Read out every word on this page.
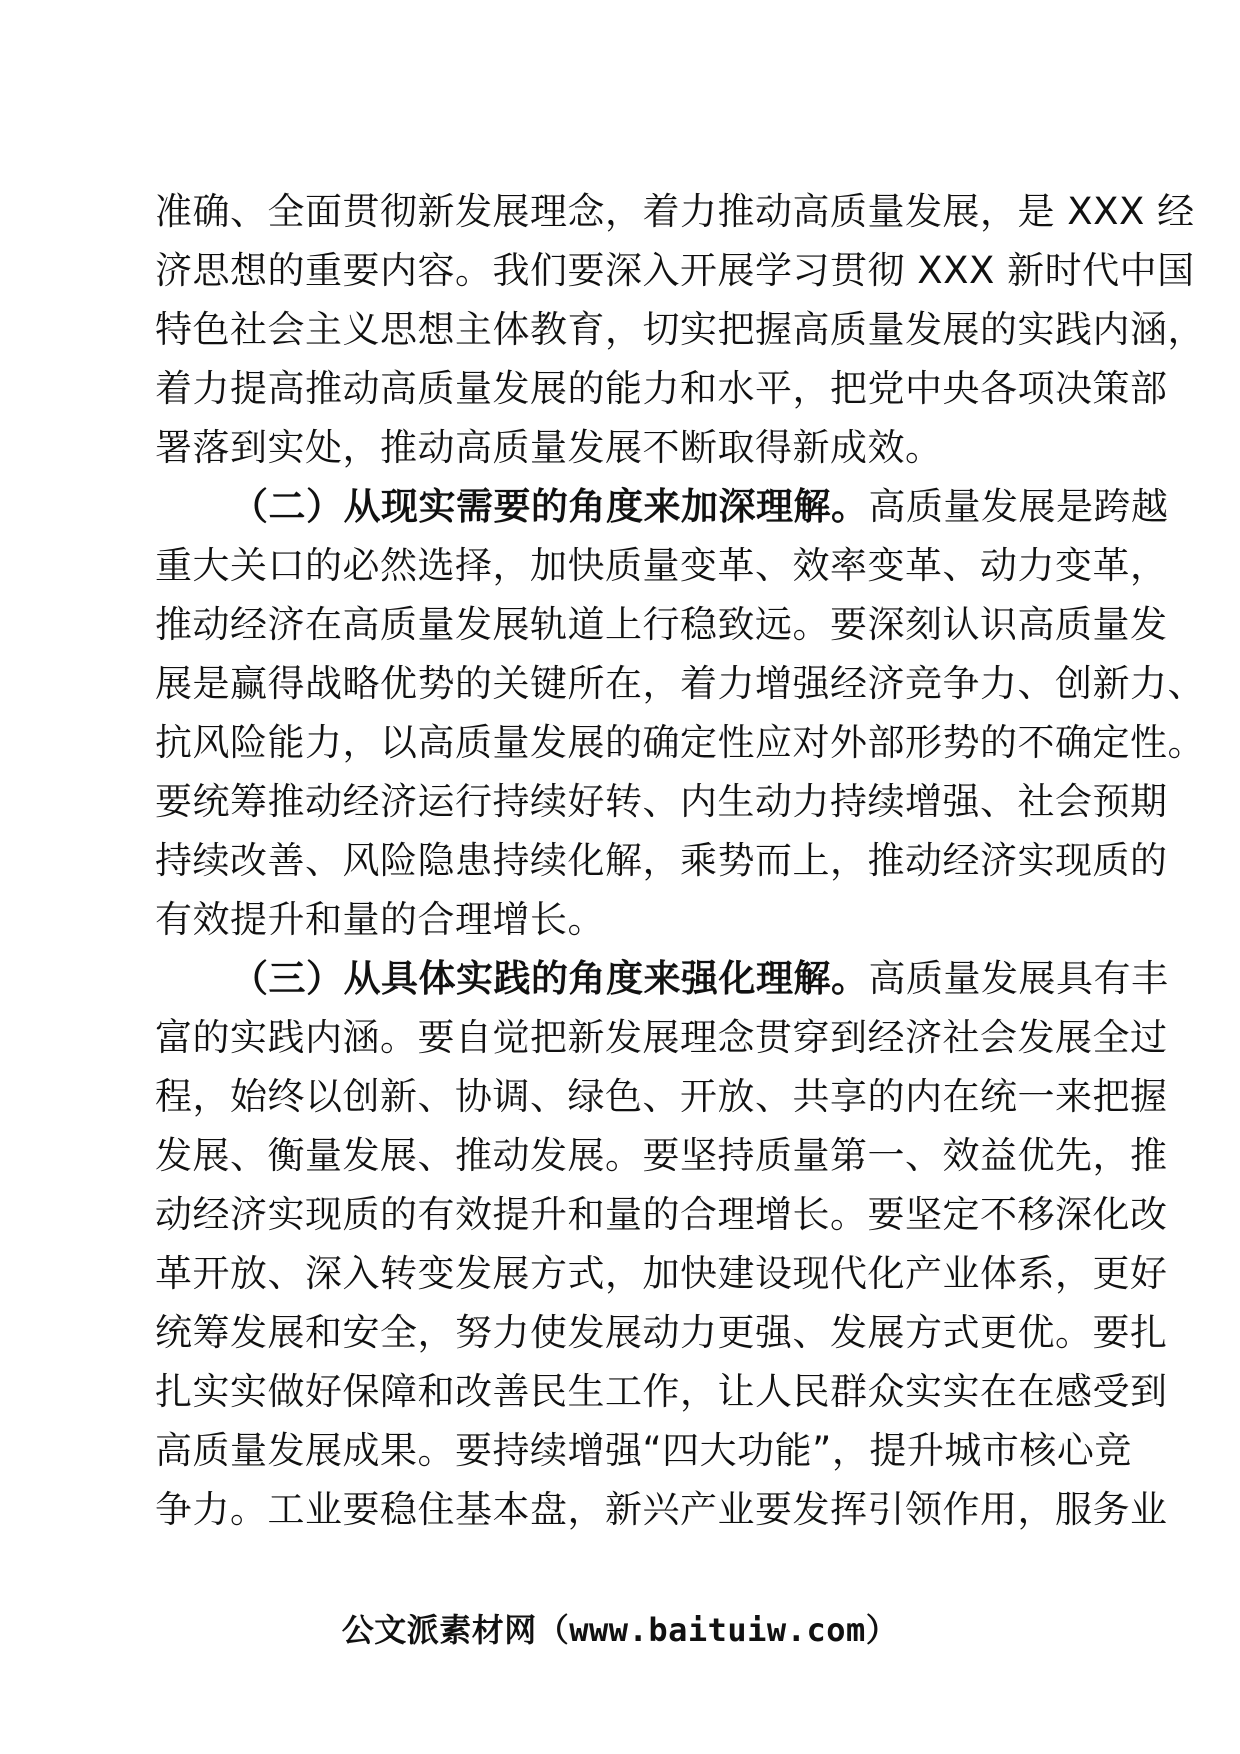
准确、全面贯彻新发展理念，着力推动高质量发展，是 XXX 经
济思想的重要内容。我们要深入开展学习贯彻 XXX 新时代中国
特色社会主义思想主体教育，切实把握高质量发展的实践内涵，
着力提高推动高质量发展的能力和水平，把党中央各项决策部
署落到实处，推动高质量发展不断取得新成效。
（二）从现实需要的角度来加深理解。高质量发展是跨越
重大关口的必然选择，加快质量变革、效率变革、动力变革，
推动经济在高质量发展轨道上行稳致远。要深刻认识高质量发
展是赢得战略优势的关键所在，着力增强经济竞争力、创新力、
抗风险能力，以高质量发展的确定性应对外部形势的不确定性。
要统筹推动经济运行持续好转、内生动力持续增强、社会预期
持续改善、风险隐患持续化解，乘势而上，推动经济实现质的
有效提升和量的合理增长。
（三）从具体实践的角度来强化理解。高质量发展具有丰
富的实践内涵。要自觉把新发展理念贯穿到经济社会发展全过
程，始终以创新、协调、绿色、开放、共享的内在统一来把握
发展、衡量发展、推动发展。要坚持质量第一、效益优先，推
动经济实现质的有效提升和量的合理增长。要坚定不移深化改
革开放、深入转变发展方式，加快建设现代化产业体系，更好
统筹发展和安全，努力使发展动力更强、发展方式更优。要扎
扎实实做好保障和改善民生工作，让人民群众实实在在感受到
高质量发展成果。要持续增强“四大功能”，提升城市核心竞
争力。工业要稳住基本盘，新兴产业要发挥引领作用，服务业
公文派素材网（www.baituiw.com）
